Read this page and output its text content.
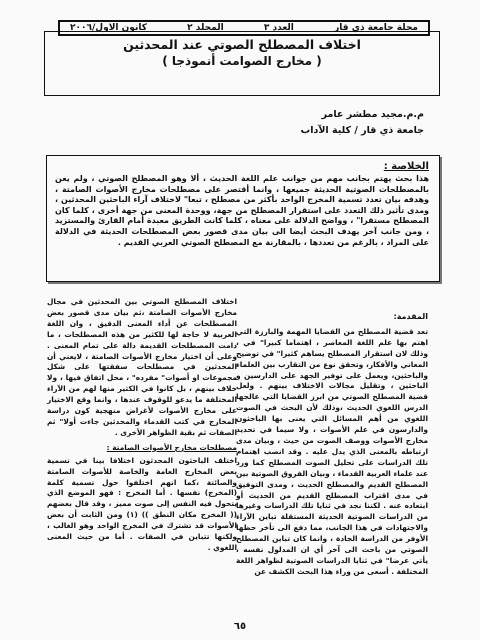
مجلة جامعة ذي قار
العدد ٣
المجلد ٢
كانون الاول/٢٠٠٦
اختلاف المصطلح الصوتي عند المحدثين
( مخارج الصوامت أنموذجا )
م.م.مجيد مطشر عامر
جامعة ذي قار / كلية الآداب
الخلاصة :
هذا بحث يهتم بجانب مهم من جوانب علم اللغة الحديث ، ألا وهو المصطلح الصوتي ، ولم يعن بالمصطلحات الصوتية الحديثة جميعها ، وانما أقتصر على مصطلحات مخارج الأصوات الصامتة ، وهدفه بيان تعدد تسمية المخرج الواحد بأكثر من مصطلح ، تبعا" لاختلاف آراء الباحثين المحدثين ، ومدى تأثير ذلك التعدد على استقرار المصطلح من جهة، ووحدة المعنى من جهة أخرى ، كلما كان المصطلح مستقرا" ، وواضح الدلالة على معناه ، كلما كانت الطريق معبدة أمام القارئ والمستزيد ، ومن جانب آخر يهدف البحث أيضا الى بيان مدى قصور بعض المصطلحات الحديثة في الدلالة على المراد ، بالرغم من تعددها ، بالمقارنة مع المصطلح الصوتي العربي القديم .

المقدمة:

تعد قضية المصطلح من القضايا المهمة والبارزة التي اهتم بها علم اللغة المعاصر ، اهتماما كبيرا" في ، وذلك لان استقرار المصطلح يساهم كثيرا" في توضيح المعاني والأفكار، وتحقق نوع من التقارب بين العلماء والباحثين، ويعمل على توفير الجهد على الدارسين و الباحثين ، وتقليل مجالات الاختلاف بينهم . ولعل قضية المصطلح الصوتي من ابرز القضايا التي عالجها الدرس اللغوي الحديث ،وذلك لأن البحث في الصوت اللغوي من أهم المسائل التي يعنى بها الباحثون والدارسون في علم الأصوات ، ولا سيما في تحديد مخارج الأصوات ووصف الصوت من حيث ، وبيان مدى ارتباطه بالمعنى الذي يدل عليه . وقد انصب اهتمام تلك الدراسات على تحليل الصوت المصطلح كما ورد عند علماء العربية القدماء ، وبيان الفروق الصوتية بين المصطلح القديم والمصطلح الحديث ، ومدى التوفيق في مدى اقتراب المصطلح القديم من الحديث أو ابتعاده عنه . لكننا نجد في ثنايا تلك الدراسات وغيرها من الدراسات الصوتية الحديثة المستقلة تباين الآراء والاجتهادات في هذا الجانب، مما دفع الى تأخر حظها الأوفر من الدراسة الجادة ، وانما كان تباين المصطلح الصوتي من باحث الى آخر أي ان المدلول نفسه ، يأتي عرضا" في ثنايا الدراسات الصوتية لظواهر اللغة المختلفة . أسعى من وراء هذا البحث الكشف عن

اختلاف المصطلح الصوتي بين المحدثين في مجال مخارج الأصوات الصامتة ،ثم بيان مدى قصور بعض المصطلحات عن أداء المعنى الدقيق ، وان اللغة العربية لا حاجة لها للكثير من هذه المصطلحات ، ما دامت المصطلحات القديمة دالة على تمام المعنى . وعلى أن اختيار مخارج الأصوات الصامتة ، لايعني أن المحدثين في مصطلحات سفقتها على شكل مجموعات او أصوات" مفرده" ، محل اتفاق فيها ، ولا خلاف بينهم ، بل كانوا في الكثير منها لهم من الآراء المختلفة ما يدعو للوقوف عندها ، وانما وقع الاختيار على مخارج الأصوات لأغراض منهجية كون دراسة المخارج في كتب القدماء والمحدثين جاءت أولا" ثم الصفات ثم بقية الظواهر الأخرى .

مصطلحات مخارج الأصوات الصامتة :

اختلف الباحثون المحدثون اختلافا بينا في تسمية بعض المخارج العامة والخاصة للأصوات الصامتة والصائتة ،كما انهم اختلفوا حول تسمية كلمة (المخرج) نفسها . أما المخرج : فهو الموضع الذي يتحول فيه النفس إلى صوت مميز ، وقد قال بعضهم (( المخرج مكان النطق )) (١) ومن الثابت أن بعض الأصوات قد تشترك في المخرج الواحد وهو الغالب ، ولكنها تتباين في الصفات . أما من حيث المعنى اللغوي .

٦٥
